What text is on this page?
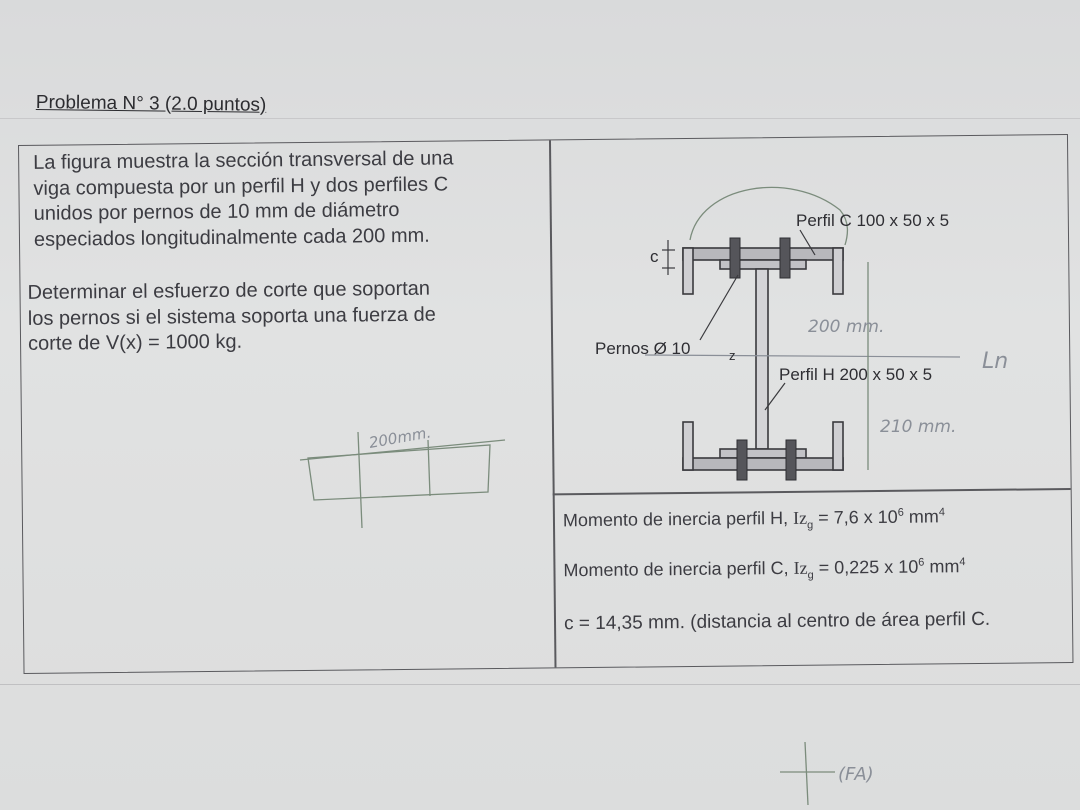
Problema N° 3 (2.0 puntos)
La figura muestra la sección transversal de una
viga compuesta por un perfil H y dos perfiles C
unidos por pernos de 10 mm de diámetro
especiados longitudinalmente cada 200 mm.
Determinar el esfuerzo de corte que soportan
los pernos si el sistema soporta una fuerza de
corte de V(x) = 1000 kg.
Momento de inercia perfil H, $Iz_g = 7,6$ x $10^6$ $mm^4$
Momento de inercia perfil C, $Iz_g = 0,225$ x $10^6$ $mm^4$
c = 14,35 mm. (distancia al centro de área perfil C.
c
z
Pernos Ø 10
Perfil C 100 x 50 x 5
Perfil H 200 x 50 x 5
200 mm.
210 mm.
Ln
200mm.
(FA)
